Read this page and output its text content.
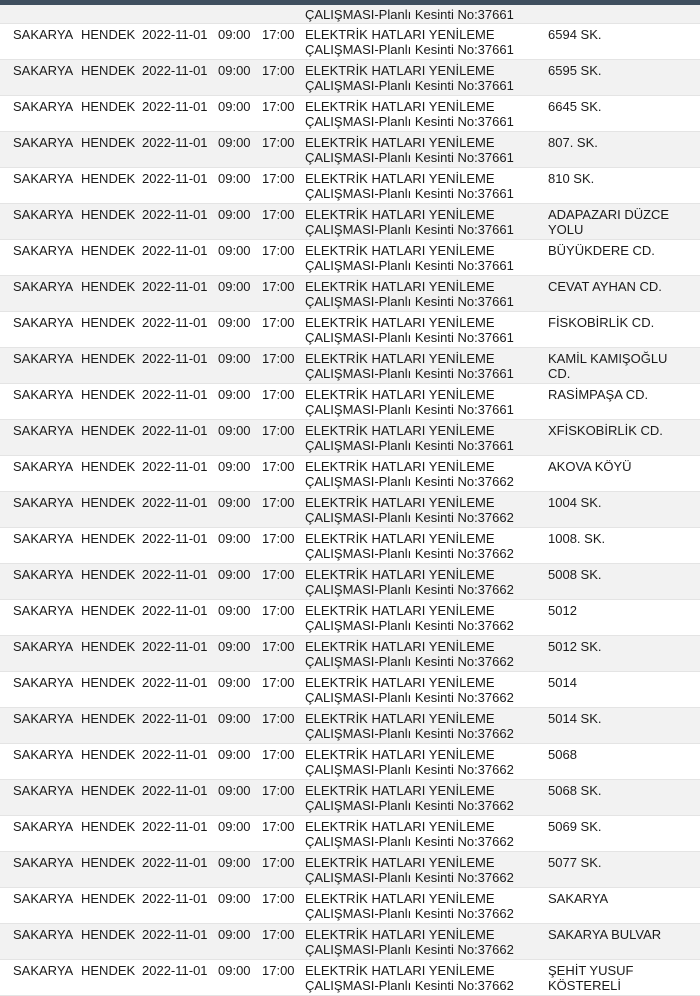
ÇALIŞMASI-Planlı Kesinti No:37661
SAKARYA HENDEK 2022-11-01 09:00 17:00 ELEKTRİK HATLARI YENİLEME
ÇALIŞMASI-Planlı Kesinti No:37661
6594 SK.
SAKARYA HENDEK 2022-11-01 09:00 17:00 ELEKTRİK HATLARI YENİLEME
ÇALIŞMASI-Planlı Kesinti No:37661
6595 SK.
SAKARYA HENDEK 2022-11-01 09:00 17:00 ELEKTRİK HATLARI YENİLEME
ÇALIŞMASI-Planlı Kesinti No:37661
6645 SK.
SAKARYA HENDEK 2022-11-01 09:00 17:00 ELEKTRİK HATLARI YENİLEME
ÇALIŞMASI-Planlı Kesinti No:37661
807. SK.
SAKARYA HENDEK 2022-11-01 09:00 17:00 ELEKTRİK HATLARI YENİLEME
ÇALIŞMASI-Planlı Kesinti No:37661
810 SK.
SAKARYA HENDEK 2022-11-01 09:00 17:00 ELEKTRİK HATLARI YENİLEME
ÇALIŞMASI-Planlı Kesinti No:37661
ADAPAZARI DÜZCE YOLU
SAKARYA HENDEK 2022-11-01 09:00 17:00 ELEKTRİK HATLARI YENİLEME
ÇALIŞMASI-Planlı Kesinti No:37661
BÜYÜKDERE CD.
SAKARYA HENDEK 2022-11-01 09:00 17:00 ELEKTRİK HATLARI YENİLEME
ÇALIŞMASI-Planlı Kesinti No:37661
CEVAT AYHAN CD.
SAKARYA HENDEK 2022-11-01 09:00 17:00 ELEKTRİK HATLARI YENİLEME
ÇALIŞMASI-Planlı Kesinti No:37661
FİSKOBİRLİK CD.
SAKARYA HENDEK 2022-11-01 09:00 17:00 ELEKTRİK HATLARI YENİLEME
ÇALIŞMASI-Planlı Kesinti No:37661
KAMİL KAMIŞOĞLU CD.
SAKARYA HENDEK 2022-11-01 09:00 17:00 ELEKTRİK HATLARI YENİLEME
ÇALIŞMASI-Planlı Kesinti No:37661
RASİMPAŞA CD.
SAKARYA HENDEK 2022-11-01 09:00 17:00 ELEKTRİK HATLARI YENİLEME
ÇALIŞMASI-Planlı Kesinti No:37661
XFİSKOBİRLİK CD.
SAKARYA HENDEK 2022-11-01 09:00 17:00 ELEKTRİK HATLARI YENİLEME
ÇALIŞMASI-Planlı Kesinti No:37662
AKOVA KÖYÜ
SAKARYA HENDEK 2022-11-01 09:00 17:00 ELEKTRİK HATLARI YENİLEME
ÇALIŞMASI-Planlı Kesinti No:37662
1004 SK.
SAKARYA HENDEK 2022-11-01 09:00 17:00 ELEKTRİK HATLARI YENİLEME
ÇALIŞMASI-Planlı Kesinti No:37662
1008. SK.
SAKARYA HENDEK 2022-11-01 09:00 17:00 ELEKTRİK HATLARI YENİLEME
ÇALIŞMASI-Planlı Kesinti No:37662
5008 SK.
SAKARYA HENDEK 2022-11-01 09:00 17:00 ELEKTRİK HATLARI YENİLEME
ÇALIŞMASI-Planlı Kesinti No:37662
5012
SAKARYA HENDEK 2022-11-01 09:00 17:00 ELEKTRİK HATLARI YENİLEME
ÇALIŞMASI-Planlı Kesinti No:37662
5012 SK.
SAKARYA HENDEK 2022-11-01 09:00 17:00 ELEKTRİK HATLARI YENİLEME
ÇALIŞMASI-Planlı Kesinti No:37662
5014
SAKARYA HENDEK 2022-11-01 09:00 17:00 ELEKTRİK HATLARI YENİLEME
ÇALIŞMASI-Planlı Kesinti No:37662
5014 SK.
SAKARYA HENDEK 2022-11-01 09:00 17:00 ELEKTRİK HATLARI YENİLEME
ÇALIŞMASI-Planlı Kesinti No:37662
5068
SAKARYA HENDEK 2022-11-01 09:00 17:00 ELEKTRİK HATLARI YENİLEME
ÇALIŞMASI-Planlı Kesinti No:37662
5068 SK.
SAKARYA HENDEK 2022-11-01 09:00 17:00 ELEKTRİK HATLARI YENİLEME
ÇALIŞMASI-Planlı Kesinti No:37662
5069 SK.
SAKARYA HENDEK 2022-11-01 09:00 17:00 ELEKTRİK HATLARI YENİLEME
ÇALIŞMASI-Planlı Kesinti No:37662
5077 SK.
SAKARYA HENDEK 2022-11-01 09:00 17:00 ELEKTRİK HATLARI YENİLEME
ÇALIŞMASI-Planlı Kesinti No:37662
SAKARYA
SAKARYA HENDEK 2022-11-01 09:00 17:00 ELEKTRİK HATLARI YENİLEME
ÇALIŞMASI-Planlı Kesinti No:37662
SAKARYA BULVAR
SAKARYA HENDEK 2022-11-01 09:00 17:00 ELEKTRİK HATLARI YENİLEME
ÇALIŞMASI-Planlı Kesinti No:37662
ŞEHİT YUSUF KÖSTERELİ
